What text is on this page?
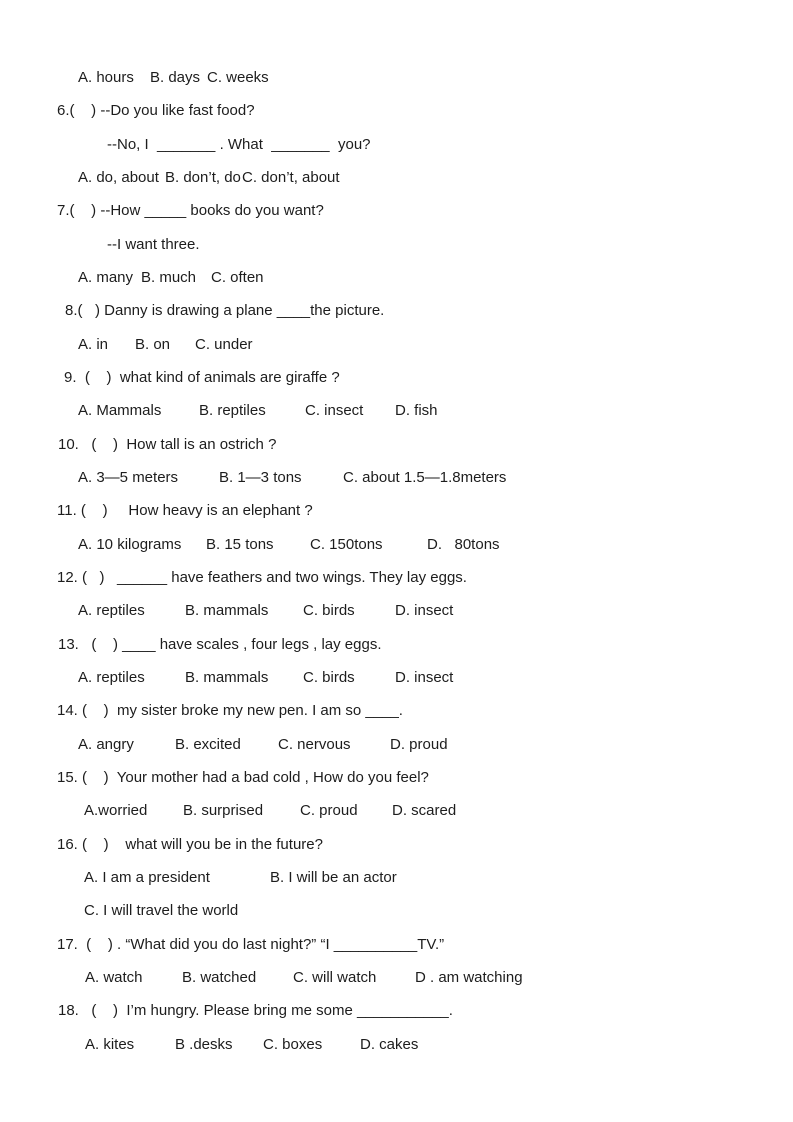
A. hours B. days C. weeks
6.(    ) --Do you like fast food?
--No, I  _______ . What  _______  you?
A. do, about B. don’t, do C. don’t, about
7.(    ) --How _____ books do you want?
--I want three.
A. many B. much C. often
8.(   ) Danny is drawing a plane ____the picture.
A. in B. on C. under
9.  (    )  what kind of animals are giraffe ?
A. Mammals	B. reptiles	C. insect D. fish
10.   (    )  How tall is an ostrich ?
A. 3—5 meters	B. 1—3 tons	C. about 1.5—1.8meters
11. (    )     How heavy is an elephant ?
A. 10 kilograms B. 15 tons C. 150tons	D.   80tons
12. (   )   ______ have feathers and two wings. They lay eggs.
A. reptiles	B. mammals C. birds	D. insect
13.   (    ) ____ have scales , four legs , lay eggs.
A. reptiles	B. mammals C. birds	D. insect
14. (    )  my sister broke my new pen. I am so ____.
A. angry	B. excited C. nervous	D. proud
15. (    )  Your mother had a bad cold , How do you feel?
A.worried B. surprised C. proud D. scared
16. (    )    what will you be in the future?
A. I am a president	B. I will be an actor
C. I will travel the world
17.  (    ) . “What did you do last night?” “I __________TV.”
A. watch	B. watched C. will watch	D . am watching
18.   (    )  I’m hungry. Please bring me some ___________.
A. kites	B .desks C. boxes	D. cakes
